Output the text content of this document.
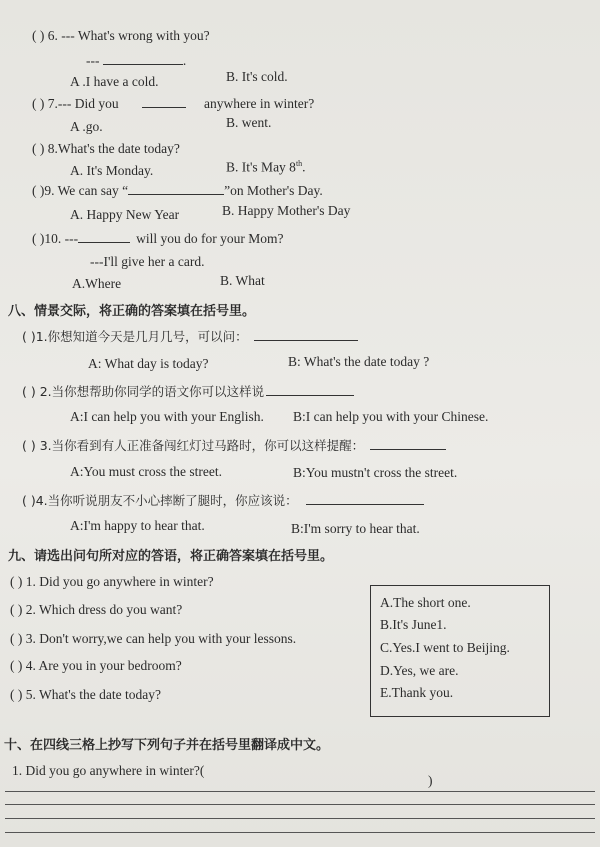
( ) 6. --- What's wrong with you?
---	.
A .I have a cold.	B. It's cold.
( ) 7.--- Did you	anywhere in winter?
A .go.	B. went.
( ) 8.What's the date today?
A. It's Monday.	B. It's May 8th.
( )9. We can say “	”on Mother's Day.
A. Happy New Year	B. Happy Mother's Day
( )10. ---	will you do for your Mom?
---I'll give her a card.
A.Where	B. What
八、情景交际，将正确的答案填在括号里。
( )1.你想知道今天是几月几号，可以问：
A: What day is today?	B: What's the date today ?
( ) 2.当你想帮助你同学的语文你可以这样说
A:I can help you with your English. B:I can help you with your Chinese.
( ) 3.当你看到有人正准备闯红灯过马路时，你可以这样提醒：
A:You must cross the street.	B:You mustn't cross the street.
( )4.当你听说朋友不小心摔断了腿时，你应该说：
A:I'm happy to hear that.	B:I'm sorry to hear that.
九、请选出问句所对应的答语，将正确答案填在括号里。
( ) 1. Did you go anywhere in winter?
( ) 2. Which dress do you want?
( ) 3. Don't worry,we can help you with your lessons.
( ) 4. Are you in your bedroom?
( ) 5. What's the date today?
A.The short one.
B.It's June1.
C.Yes.I went to Beijing.
D.Yes, we are.
E.Thank you.
十、在四线三格上抄写下列句子并在括号里翻译成中文。
1. Did you go anywhere in winter?(
)
